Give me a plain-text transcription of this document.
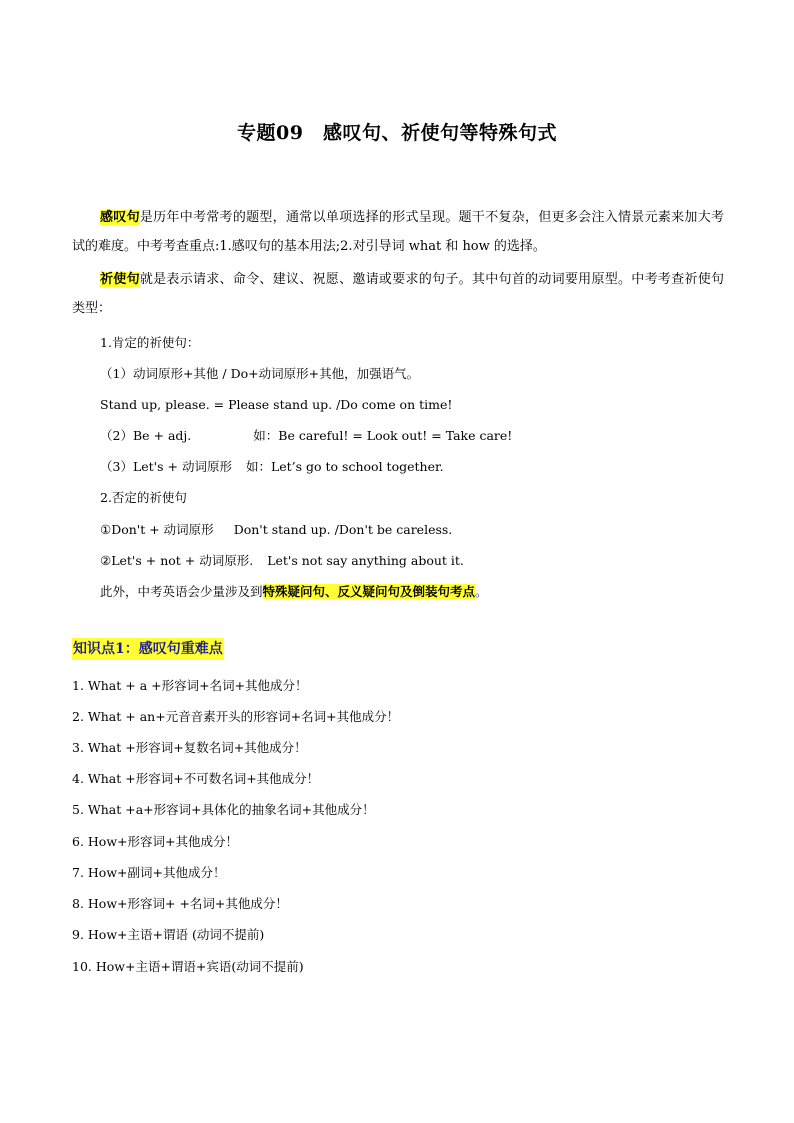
专题09　感叹句、祈使句等特殊句式

感叹句是历年中考常考的题型，通常以单项选择的形式呈现。题干不复杂，但更多会注入情景元素来加大考试的难度。中考考查重点:1.感叹句的基本用法;2.对引导词 what 和 how 的选择。

祈使句就是表示请求、命令、建议、祝愿、邀请或要求的句子。其中句首的动词要用原型。中考考查祈使句类型：

1.肯定的祈使句：
（1）动词原形+其他 / Do+动词原形+其他，加强语气。
Stand up, please. = Please stand up. /Do come on time!
（2）Be + adj.	如：Be careful! = Look out! = Take care!
（3）Let's + 动词原形 如：Let’s go to school together.
2.否定的祈使句
①Don't + 动词原形 Don't stand up. /Don't be careless.
②Let's + not + 动词原形. Let's not say anything about it.
此外，中考英语会少量涉及到特殊疑问句、反义疑问句及倒装句考点。
知识点1：感叹句重难点
1. What + a +形容词+名词+其他成分！
2. What + an+元音音素开头的形容词+名词+其他成分！
3. What +形容词+复数名词+其他成分！
4. What +形容词+不可数名词+其他成分！
5. What +a+形容词+具体化的抽象名词+其他成分！
6. How+形容词+其他成分！
7. How+副词+其他成分！
8. How+形容词+ +名词+其他成分！
9. How+主语+谓语 (动词不提前)
10. How+主语+谓语+宾语(动词不提前)
